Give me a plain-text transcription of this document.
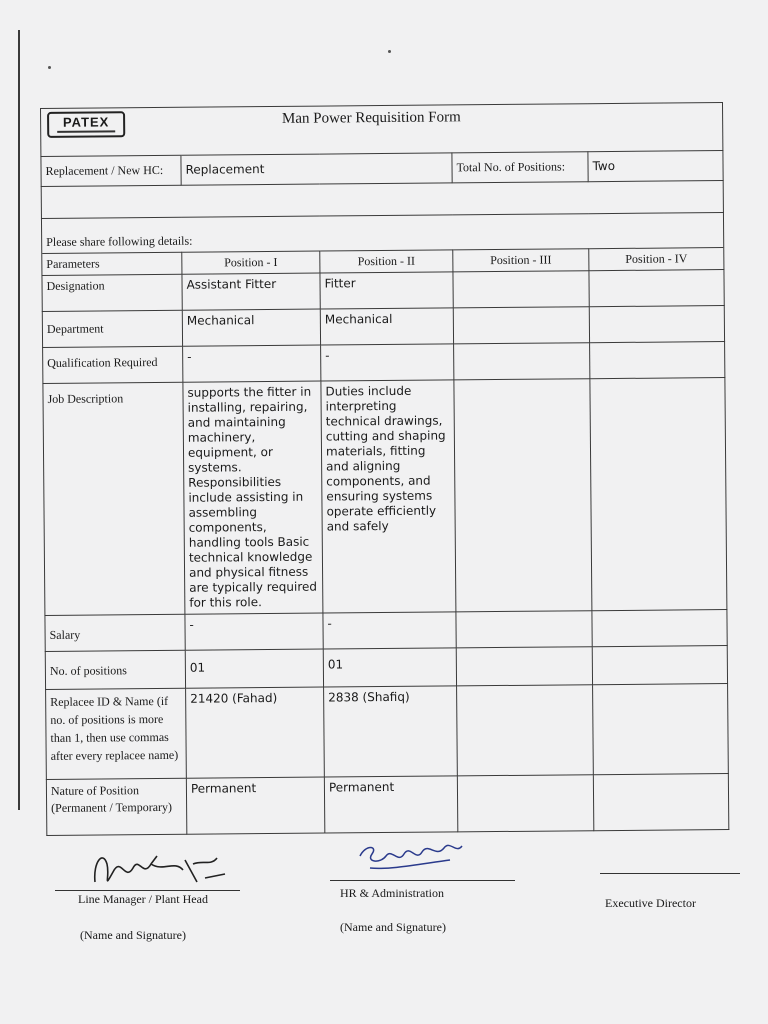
PATEX	Man Power Requisition Form			

Replacement / New HC:	Replacement		Total No. of Positions:	Two

Please share following details:				
Parameters	Position - I	Position - II	Position - III	Position - IV
Designation	Assistant Fitter	Fitter		
Department	Mechanical	Mechanical		
Qualification Required	-	-		
Job Description	supports the fitter in installing, repairing, and maintaining machinery, equipment, or systems. Responsibilities include assisting in assembling components, handling tools Basic technical knowledge and physical fitness are typically required for this role.	Duties include interpreting technical drawings, cutting and shaping materials, fitting and aligning components, and ensuring systems operate efficiently and safely		
Salary	-	-		
No. of positions	01	01		
Replacee ID & Name (if no. of positions is more than 1, then use commas after every replacee name)	21420 (Fahad)	2838 (Shafiq)		
Nature of Position (Permanent / Temporary)	Permanent	Permanent		
Line Manager / Plant Head
(Name and Signature)
HR & Administration
(Name and Signature)
Executive Director
